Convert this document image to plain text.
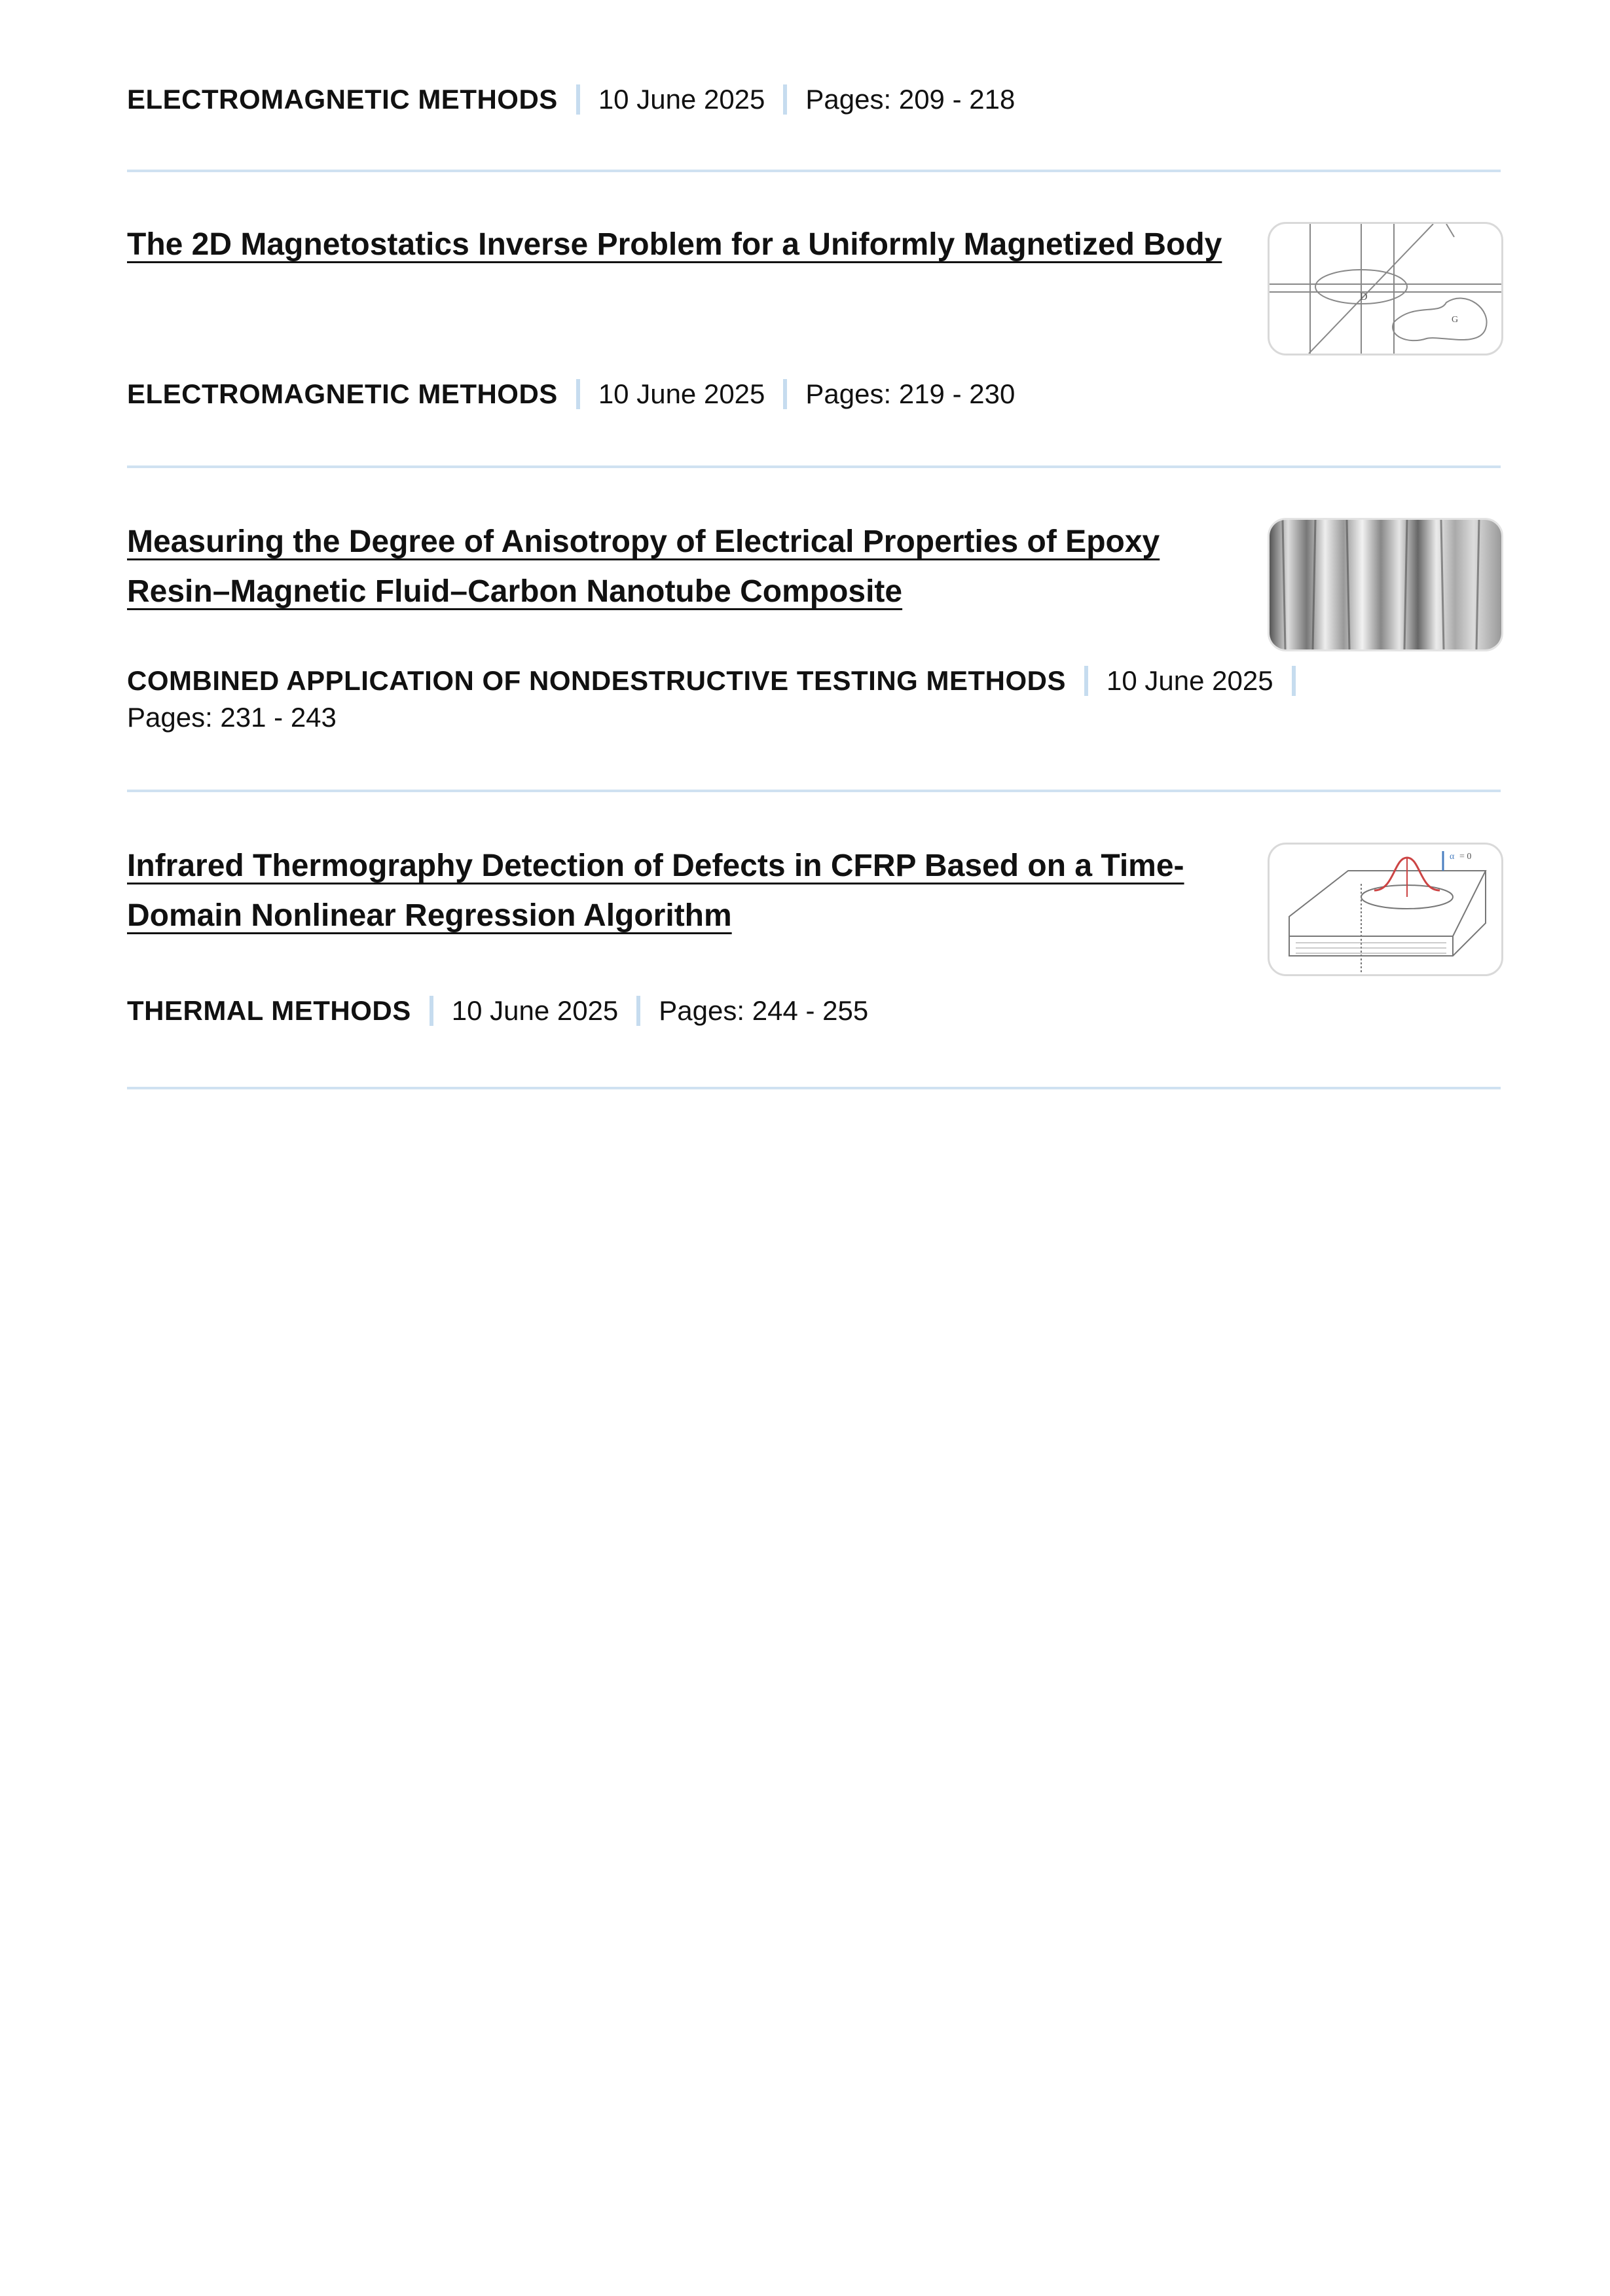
ELECTROMAGNETIC METHODS 10 June 2025 Pages: 209 - 218
The 2D Magnetostatics Inverse Problem for a Uniformly Magnetized Body
D
G
ELECTROMAGNETIC METHODS 10 June 2025 Pages: 219 - 230
Measuring the Degree of Anisotropy of Electrical Properties of Epoxy
Resin–Magnetic Fluid–Carbon Nanotube Composite
COMBINED APPLICATION OF NONDESTRUCTIVE TESTING METHODS 10 June 2025
Pages: 231 - 243
Infrared Thermography Detection of Defects in CFRP Based on a Time-
Domain Nonlinear Regression Algorithm
α = 0
THERMAL METHODS 10 June 2025 Pages: 244 - 255
